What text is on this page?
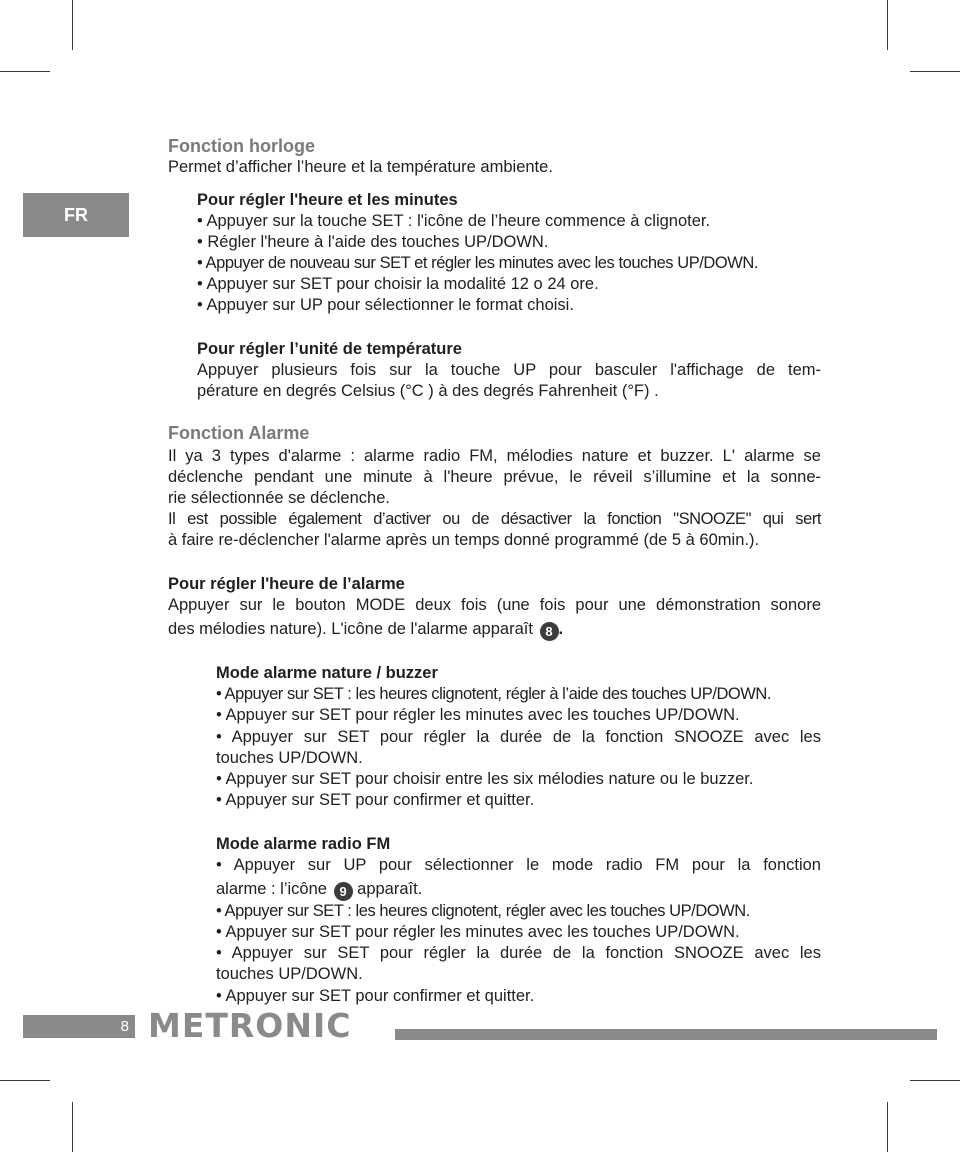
FR
Fonction horloge
Permet d’afficher l’heure et la température ambiente.
Pour régler l'heure et les minutes
• Appuyer sur la touche SET : l'icône de l’heure commence à clignoter.
• Régler l'heure à l'aide des touches UP/DOWN.
• Appuyer de nouveau sur SET et régler les minutes avec les touches UP/DOWN.
• Appuyer sur SET pour choisir la modalité 12 o 24 ore.
• Appuyer sur UP pour sélectionner le format choisi.
Pour régler l’unité de température
Appuyer plusieurs fois sur la touche UP pour basculer l'affichage de tem-
pérature en degrés Celsius (°C ) à des degrés Fahrenheit (°F) .
Fonction Alarme
Il ya 3 types d'alarme : alarme radio FM, mélodies nature et buzzer. L' alarme se
déclenche pendant une minute à l'heure prévue, le réveil s’illumine et la sonne-
rie sélectionnée se déclenche.
Il est possible également d’activer ou de désactiver la fonction "SNOOZE" qui sert
à faire re-déclencher l'alarme après un temps donné programmé (de 5 à 60min.).
Pour régler l'heure de l’alarme
Appuyer sur le bouton MODE deux fois (une fois pour une démonstration sonore
des mélodies nature). L'icône de l'alarme apparaît 8 .
Mode alarme nature / buzzer
• Appuyer sur SET : les heures clignotent, régler à l’aide des touches UP/DOWN.
• Appuyer sur SET pour régler les minutes avec les touches UP/DOWN.
• Appuyer sur SET pour régler la durée de la fonction SNOOZE avec les
touches UP/DOWN.
• Appuyer sur SET pour choisir entre les six mélodies nature ou le buzzer.
• Appuyer sur SET pour confirmer et quitter.
Mode alarme radio FM
• Appuyer sur UP pour sélectionner le mode radio FM pour la fonction
alarme : l’icône 9 apparaît.
• Appuyer sur SET : les heures clignotent, régler avec les touches UP/DOWN.
• Appuyer sur SET pour régler les minutes avec les touches UP/DOWN.
• Appuyer sur SET pour régler la durée de la fonction SNOOZE avec les
touches UP/DOWN.
• Appuyer sur SET pour confirmer et quitter.
8 METRONIC
